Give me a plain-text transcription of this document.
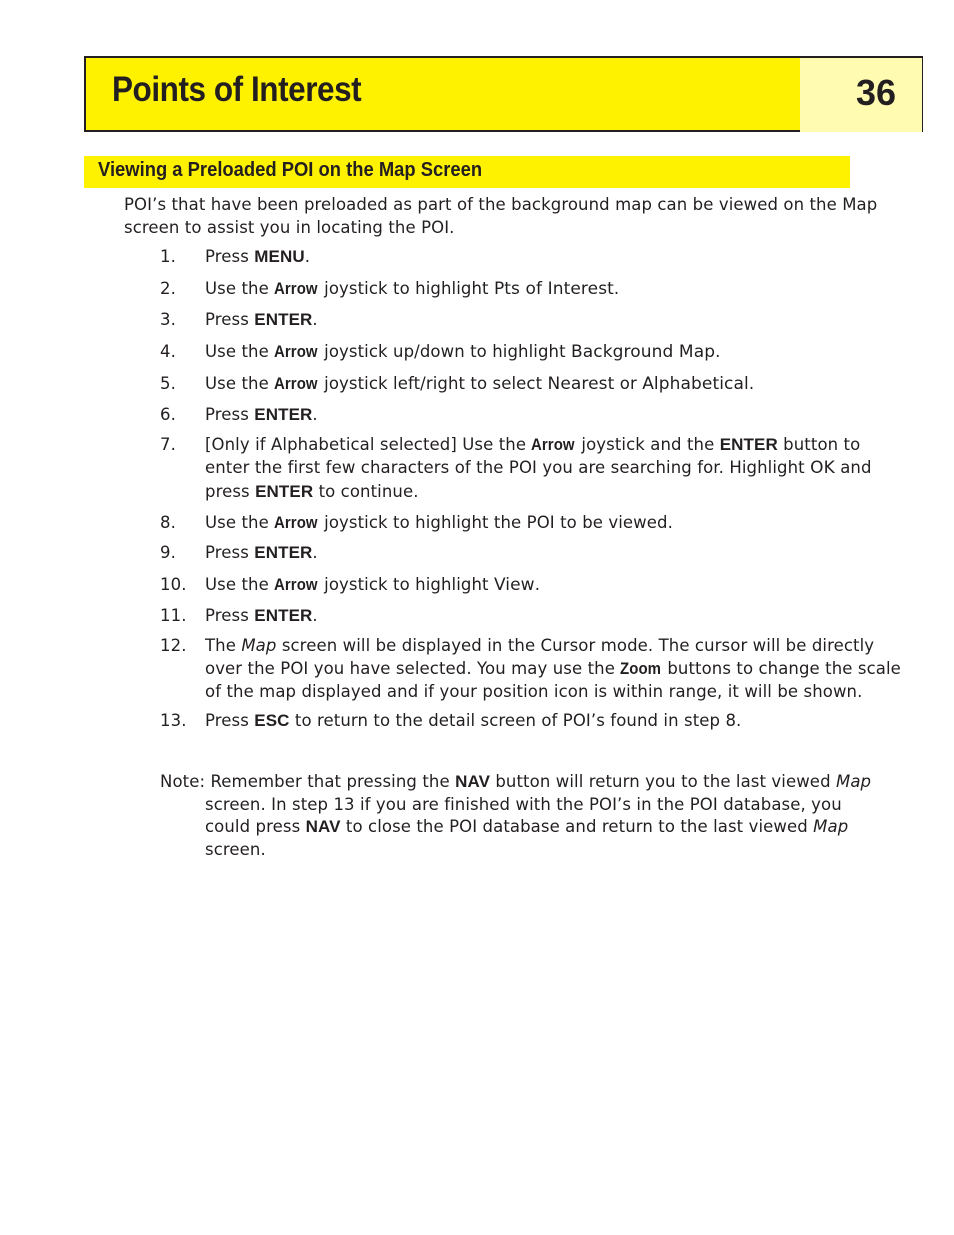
Points of Interest	36
Viewing a Preloaded POI on the Map Screen
POI’s that have been preloaded as part of the background map can be viewed on the Map screen to assist you in locating the POI.
1. Press MENU.
2. Use the Arrow joystick to highlight Pts of Interest.
3. Press ENTER.
4. Use the Arrow joystick up/down to highlight Background Map.
5. Use the Arrow joystick left/right to select Nearest or Alphabetical.
6. Press ENTER.
7. [Only if Alphabetical selected] Use the Arrow joystick and the ENTER button to enter the first few characters of the POI you are searching for. Highlight OK and press ENTER to continue.
8. Use the Arrow joystick to highlight the POI to be viewed.
9. Press ENTER.
10. Use the Arrow joystick to highlight View.
11. Press ENTER.
12. The Map screen will be displayed in the Cursor mode. The cursor will be directly over the POI you have selected. You may use the Zoom buttons to change the scale of the map displayed and if your position icon is within range, it will be shown.
13. Press ESC to return to the detail screen of POI’s found in step 8.
Note: Remember that pressing the NAV button will return you to the last viewed Map
screen. In step 13 if you are finished with the POI’s in the POI database, you could press NAV to close the POI database and return to the last viewed Map screen.
